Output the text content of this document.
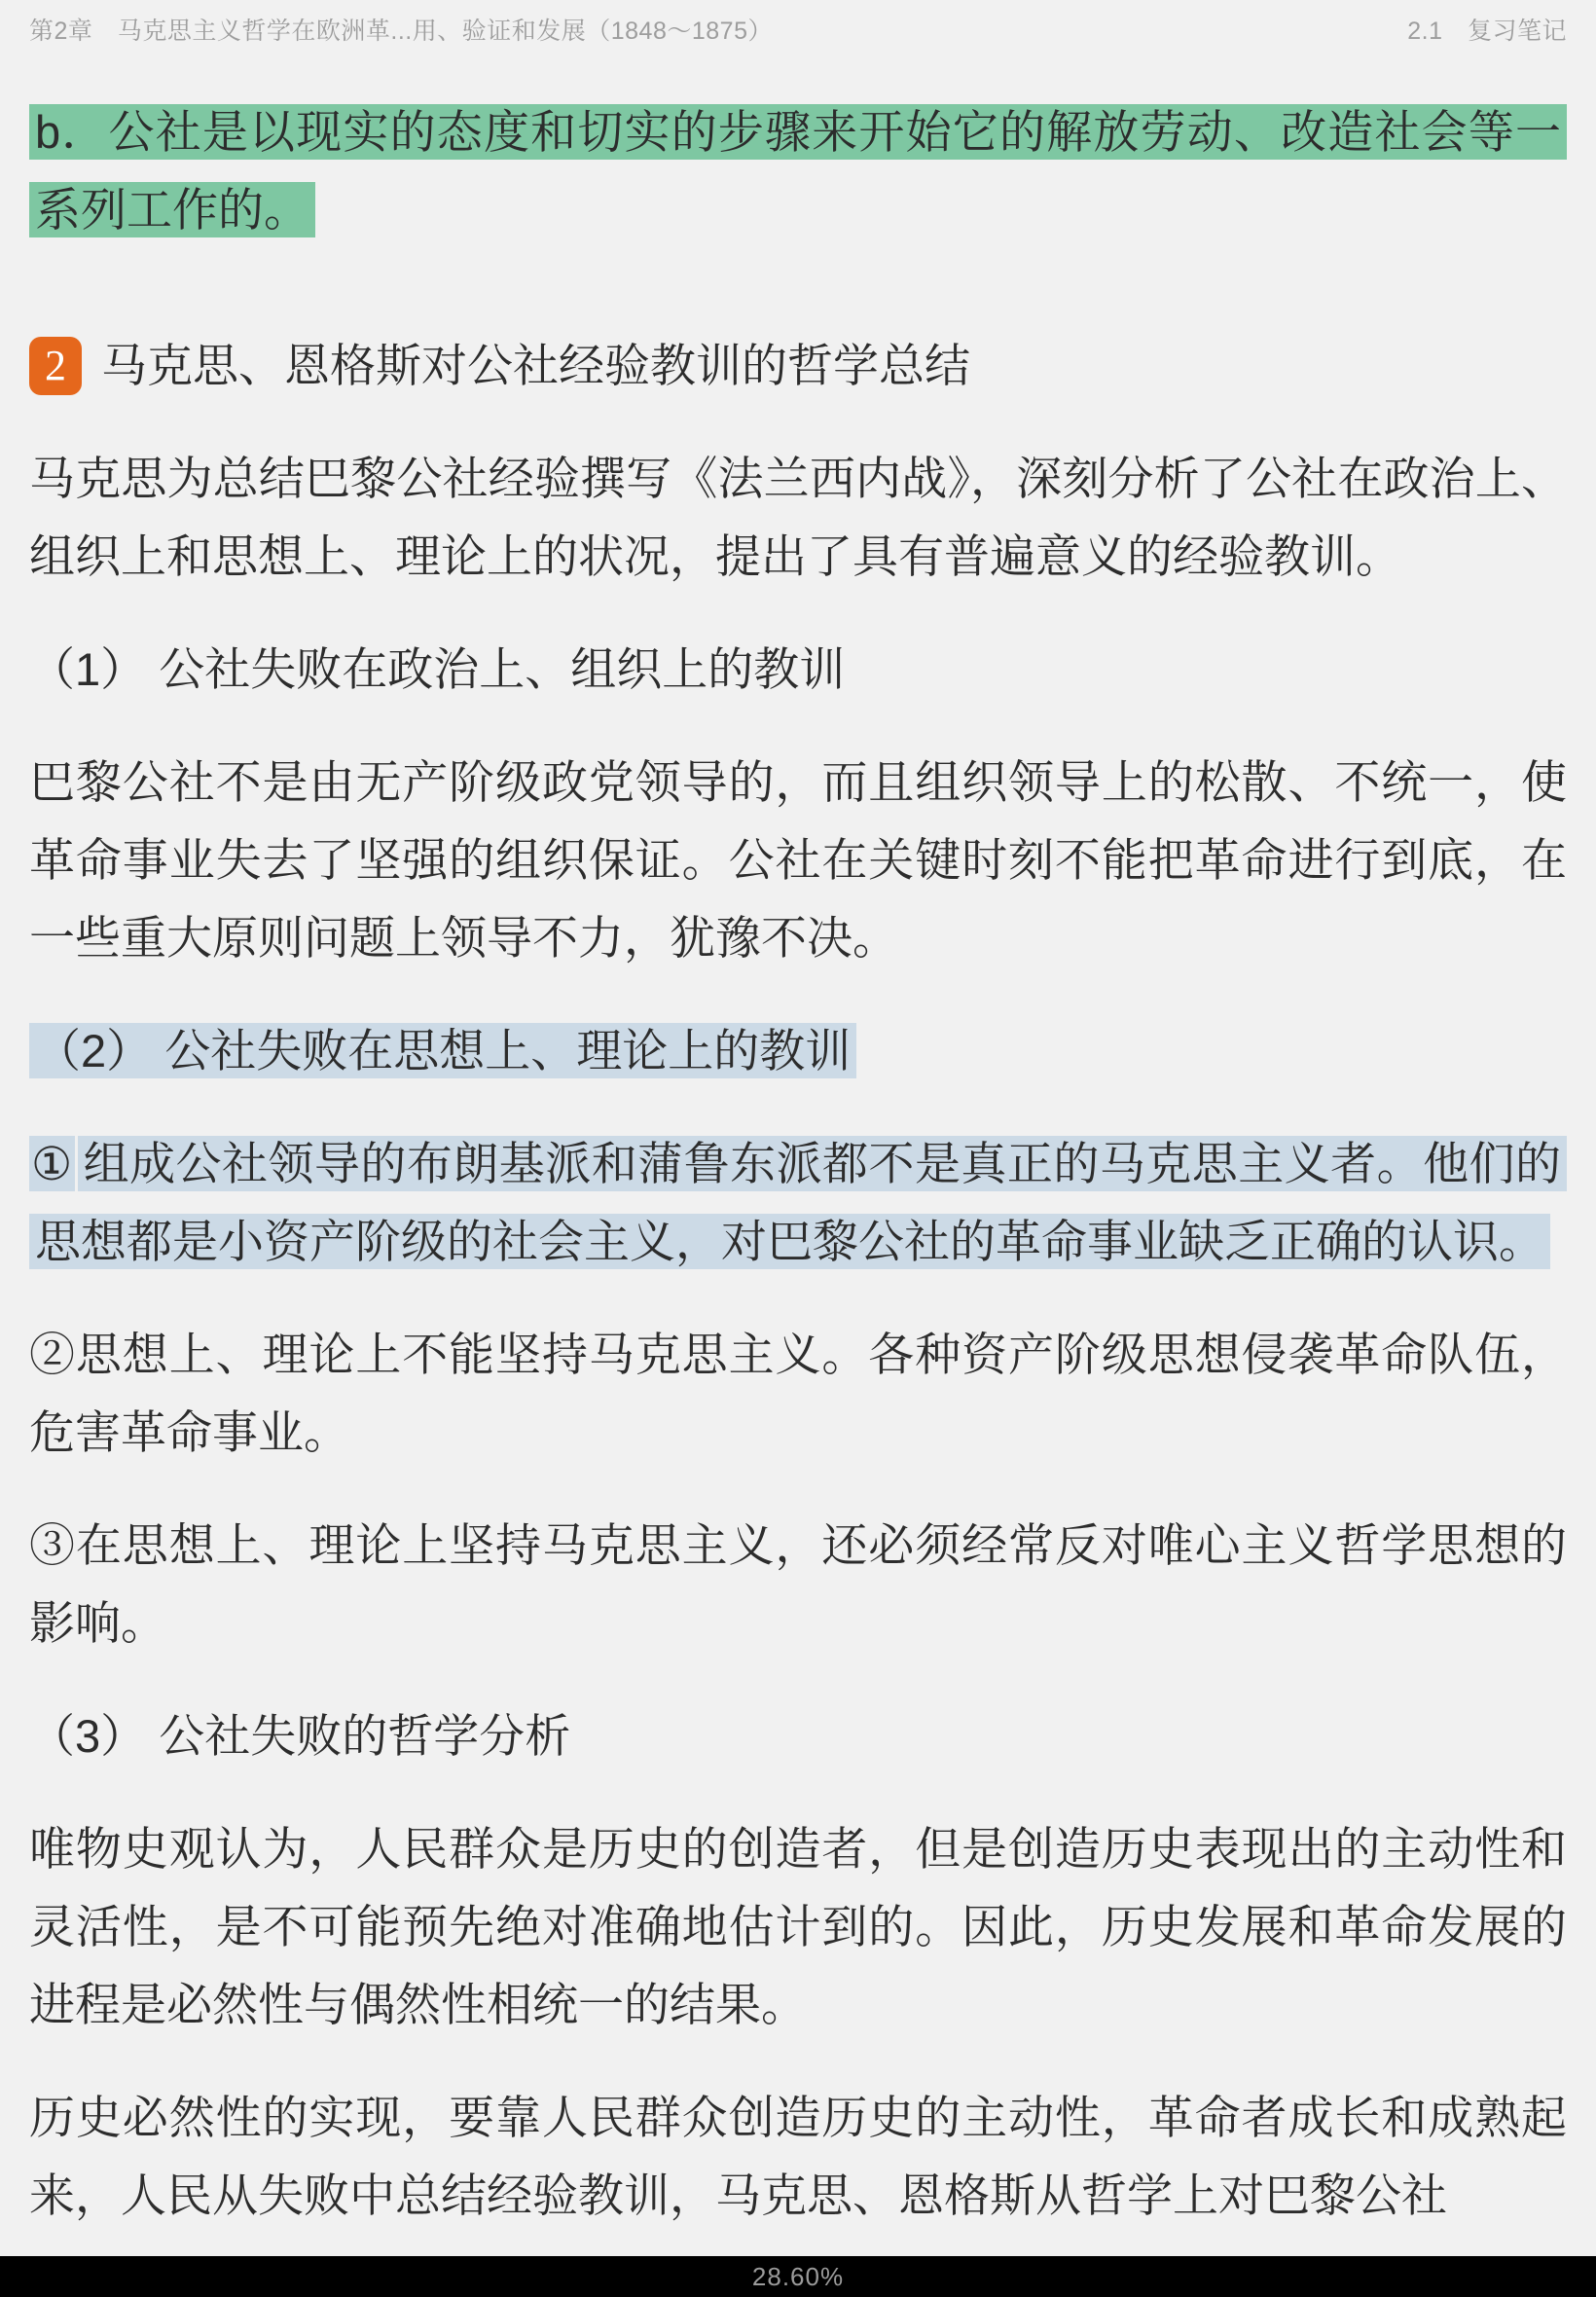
第2章　马克思主义哲学在欧洲革...用、验证和发展（1848～1875）	2.1　复习笔记

b．公社是以现实的态度和切实的步骤来开始它的解放劳动、改造社会等一系列工作的。

2 马克思、恩格斯对公社经验教训的哲学总结

马克思为总结巴黎公社经验撰写《法兰西内战》，深刻分析了公社在政治上、组织上和思想上、理论上的状况，提出了具有普遍意义的经验教训。

（1） 公社失败在政治上、组织上的教训

巴黎公社不是由无产阶级政党领导的，而且组织领导上的松散、不统一，使革命事业失去了坚强的组织保证。公社在关键时刻不能把革命进行到底，在一些重大原则问题上领导不力，犹豫不决。

（2） 公社失败在思想上、理论上的教训

① 组成公社领导的布朗基派和蒲鲁东派都不是真正的马克思主义者。他们的思想都是小资产阶级的社会主义，对巴黎公社的革命事业缺乏正确的认识。

②思想上、理论上不能坚持马克思主义。各种资产阶级思想侵袭革命队伍，危害革命事业。

③在思想上、理论上坚持马克思主义，还必须经常反对唯心主义哲学思想的影响。

（3） 公社失败的哲学分析

唯物史观认为，人民群众是历史的创造者，但是创造历史表现出的主动性和灵活性，是不可能预先绝对准确地估计到的。因此，历史发展和革命发展的进程是必然性与偶然性相统一的结果。

历史必然性的实现，要靠人民群众创造历史的主动性，革命者成长和成熟起来，人民从失败中总结经验教训，马克思、恩格斯从哲学上对巴黎公社

28.60%
